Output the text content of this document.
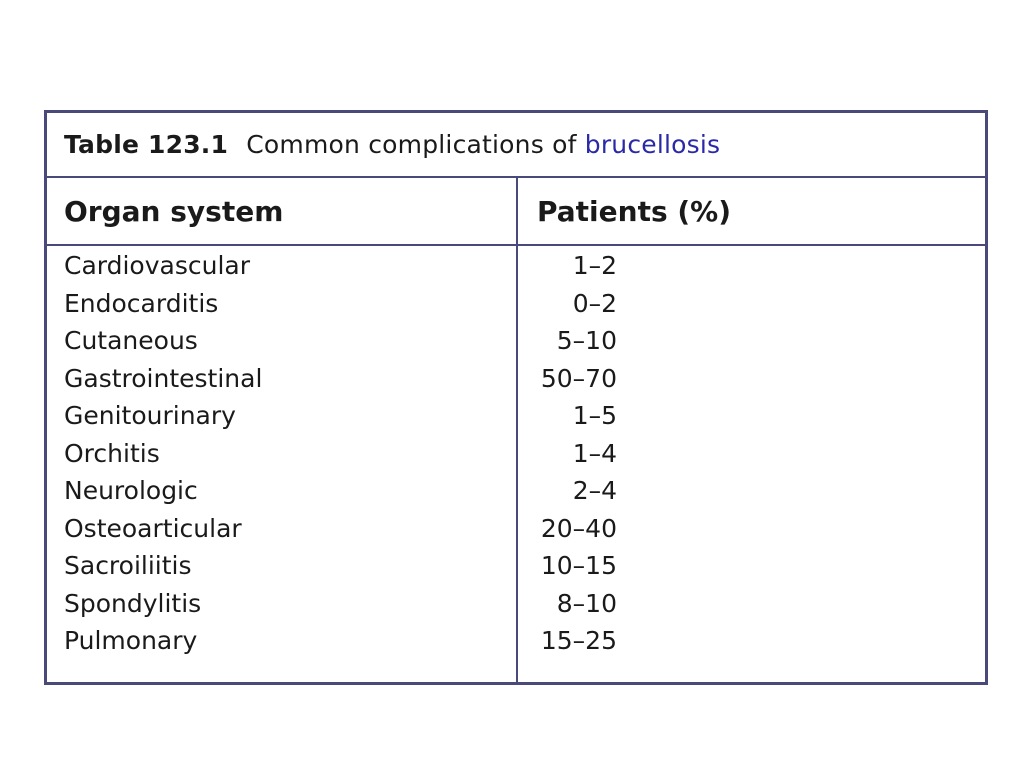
Table 123.1 Common complications of brucellosis
Organ system	Patients (%)
Cardiovascular	1–2
Endocarditis	0–2
Cutaneous	5–10
Gastrointestinal	50–70
Genitourinary	1–5
Orchitis	1–4
Neurologic	2–4
Osteoarticular	20–40
Sacroiliitis	10–15
Spondylitis	8–10
Pulmonary	15–25
